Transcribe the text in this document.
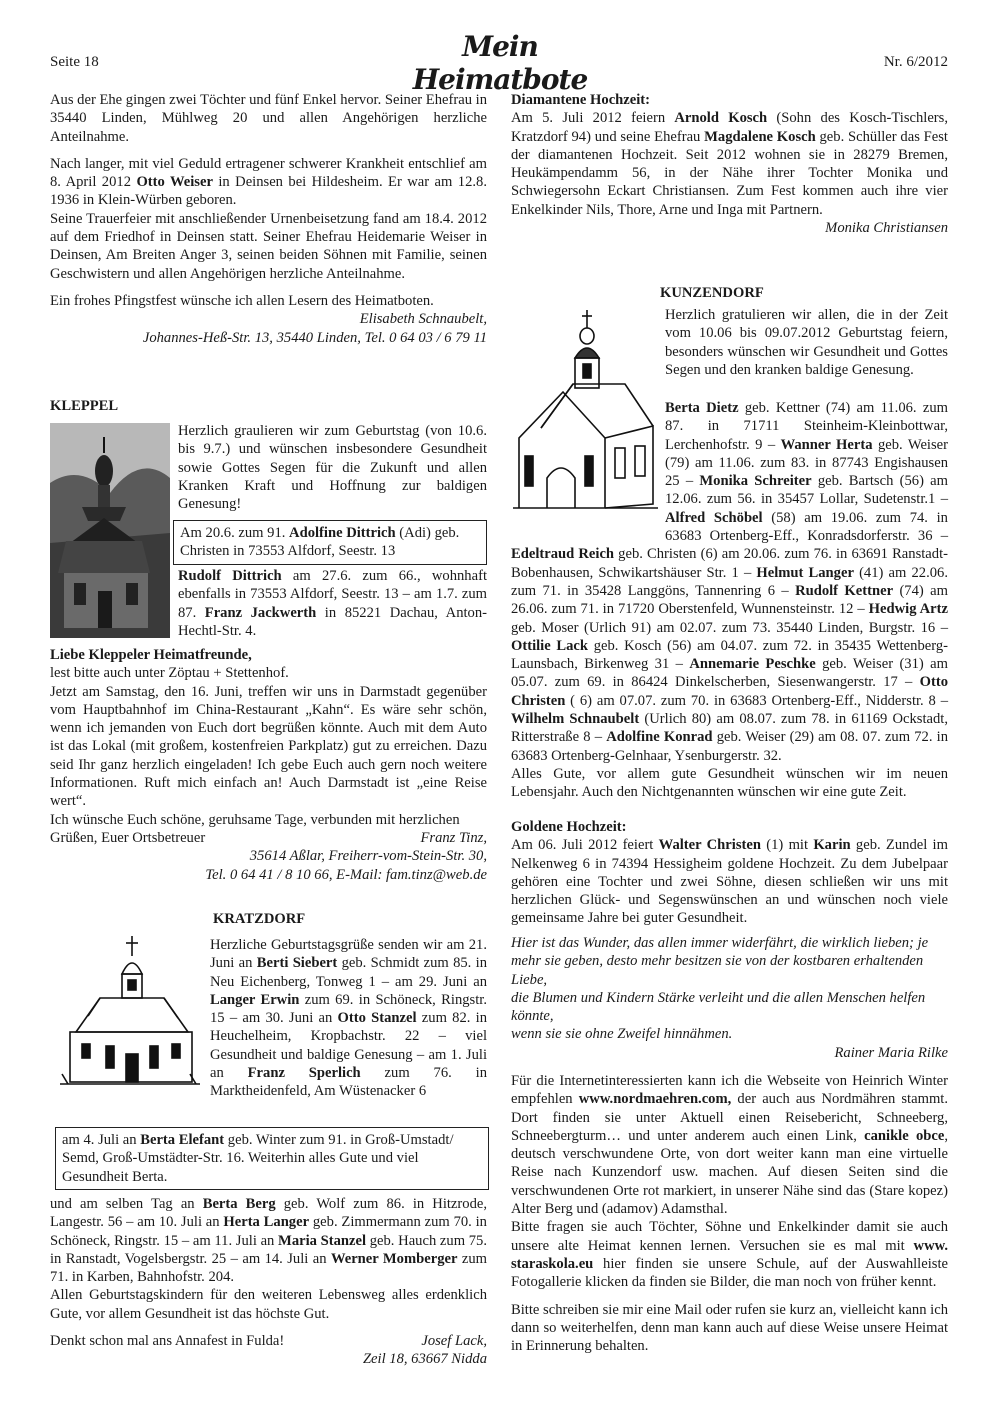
Seite 18	Mein Heimatbote
Nr. 6/2012

Aus der Ehe gingen zwei Töchter und fünf Enkel hervor. Seiner Ehefrau in 35440 Linden, Mühlweg 20 und allen Angehörigen herzliche Anteilnahme.

Nach langer, mit viel Geduld ertragener schwerer Krankheit entschlief am 8. April 2012 Otto Weiser in Deinsen bei Hildesheim. Er war am 12.8. 1936 in Klein-Würben geboren.

Seine Trauerfeier mit anschließender Urnenbeisetzung fand am 18.4. 2012 auf dem Friedhof in Deinsen statt. Seiner Ehefrau Heidemarie Weiser in Deinsen, Am Breiten Anger 3, seinen beiden Söhnen mit Familie, seinen Geschwistern und allen Angehörigen herzliche Anteilnahme.

Ein frohes Pfingstfest wünsche ich allen Lesern des Heimatboten.

Elisabeth Schnaubelt,

Johannes-Heß-Str. 13, 35440 Linden, Tel. 0 64 03 / 6 79 11

KLEPPEL

Herzlich graulieren wir zum Geburtstag (von 10.6. bis 9.7.) und wünschen insbesondere Gesundheit sowie Gottes Segen für die Zukunft und allen Kranken Kraft und Hoffnung zur baldigen Genesung!

Am 20.6. zum 91. Adolfine Dittrich (Adi) geb. Christen in 73553 Alfdorf, Seestr. 13

Rudolf Dittrich am 27.6. zum 66., wohnhaft ebenfalls in 73553 Alfdorf, Seestr. 13 – am 1.7. zum 87. Franz Jackwerth in 85221 Dachau, Anton-Hechtl-Str. 4.

Liebe Kleppeler Heimatfreunde,

lest bitte auch unter Zöptau + Stettenhof.

Jetzt am Samstag, den 16. Juni, treffen wir uns in Darmstadt gegenüber vom Hauptbahnhof im China-Restaurant „Kahn“. Es wäre sehr schön, wenn ich jemanden von Euch dort begrüßen könnte. Auch mit dem Auto ist das Lokal (mit großem, kostenfreien Parkplatz) gut zu erreichen. Dazu seid Ihr ganz herzlich eingeladen! Ich gebe Euch auch gern noch weitere Informationen. Ruft mich einfach an! Auch Darmstadt ist „eine Reise wert“.

Ich wünsche Euch schöne, geruhsame Tage, verbunden mit herzlichen Grüßen, Euer Ortsbetreuer	Franz Tinz,

35614 Aßlar, Freiherr-vom-Stein-Str. 30,

Tel. 0 64 41 / 8 10 66, E-Mail: fam.tinz@web.de

KRATZDORF

Herzliche Geburtstagsgrüße senden wir am 21. Juni an Berti Siebert geb. Schmidt zum 85. in Neu Eichenberg, Tonweg 1 – am 29. Juni an Langer Erwin zum 69. in Schöneck, Ringstr. 15 – am 30. Juni an Otto Stanzel zum 82. in Heuchelheim, Kropbachstr. 22 – viel Gesundheit und baldige Genesung – am 1. Juli an Franz Sperlich zum 76. in Marktheidenfeld, Am Wüstenacker 6

am 4. Juli an Berta Elefant geb. Winter zum 91. in Groß-Umstadt/ Semd, Groß-Umstädter-Str. 16. Weiterhin alles Gute und viel Gesundheit Berta.

und am selben Tag an Berta Berg geb. Wolf zum 86. in Hitzrode, Langestr. 56 – am 10. Juli an Herta Langer geb. Zimmermann zum 70. in Schöneck, Ringstr. 15 – am 11. Juli an Maria Stanzel geb. Hauch zum 75. in Ranstadt, Vogelsbergstr. 25 – am 14. Juli an Werner Momberger zum 71. in Karben, Bahnhofstr. 204.

Allen Geburtstagskindern für den weiteren Lebensweg alles erdenklich Gute, vor allem Gesundheit ist das höchste Gut.

Denkt schon mal ans Annafest in Fulda!	Josef Lack,

Zeil 18, 63667 Nidda

Diamantene Hochzeit:

Am 5. Juli 2012 feiern Arnold Kosch (Sohn des Kosch-Tischlers, Kratzdorf 94) und seine Ehefrau Magdalene Kosch geb. Schüller das Fest der diamantenen Hochzeit. Seit 2012 wohnen sie in 28279 Bremen, Heukämpendamm 56, in der Nähe ihrer Tochter Monika und Schwiegersohn Eckart Christiansen. Zum Fest kommen auch ihre vier Enkelkinder Nils, Thore, Arne und Inga mit Partnern.

Monika Christiansen

KUNZENDORF

Herzlich gratulieren wir allen, die in der Zeit vom 10.06 bis 09.07.2012 Geburtstag feiern, besonders wünschen wir Gesundheit und Gottes Segen und den kranken baldige Genesung.

Berta Dietz geb. Kettner (74) am 11.06. zum 87. in 71711 Steinheim-Kleinbottwar, Lerchenhofstr. 9 – Wanner Herta geb. Weiser (79) am 11.06. zum 83. in 87743 Engishausen 25 – Monika Schreiter geb. Bartsch (56) am 12.06. zum 56. in 35457 Lollar, Sudetenstr.1 – Alfred Schöbel (58) am 19.06. zum 74. in 63683 Ortenberg-Eff., Konradsdorferstr. 36 – Edeltraud Reich geb. Christen (6) am 20.06. zum 76. in 63691 Ranstadt-Bobenhausen, Schwikartshäuser Str. 1 – Helmut Langer (41) am 22.06. zum 71. in 35428 Langgöns, Tannenring 6 – Rudolf Kettner (74) am 26.06. zum 71. in 71720 Oberstenfeld, Wunnensteinstr. 12 – Hedwig Artz geb. Moser (Urlich 91) am 02.07. zum 73. 35440 Linden, Burgstr. 16 – Ottilie Lack geb. Kosch (56) am 04.07. zum 72. in 35435 Wettenberg-Launsbach, Birkenweg 31 – Annemarie Peschke geb. Weiser (31) am 05.07. zum 69. in 86424 Dinkelscherben, Siesenwangerstr. 17 – Otto Christen ( 6) am 07.07. zum 70. in 63683 Ortenberg-Eff., Nidderstr. 8 – Wilhelm Schnaubelt (Urlich 80) am 08.07. zum 78. in 61169 Ockstadt, Ritterstraße 8 – Adolfine Konrad geb. Weiser (29) am 08. 07. zum 72. in 63683 Ortenberg-Gelnhaar, Ysenburgerstr. 32.

Alles Gute, vor allem gute Gesundheit wünschen wir im neuen Lebensjahr. Auch den Nichtgenannten wünschen wir eine gute Zeit.

Goldene Hochzeit:

Am 06. Juli 2012 feiert Walter Christen (1) mit Karin geb. Zundel im Nelkenweg 6 in 74394 Hessigheim goldene Hochzeit. Zu dem Jubelpaar gehören eine Tochter und zwei Söhne, diesen schließen wir uns mit herzlichen Glück- und Segenswünschen an und wünschen noch viele gemeinsame Jahre bei guter Gesundheit.

Hier ist das Wunder, das allen immer widerfährt, die wirklich lieben; je mehr sie geben, desto mehr besitzen sie von der kostbaren erhaltenden Liebe,

die Blumen und Kindern Stärke verleiht und die allen Menschen helfen könnte,

wenn sie sie ohne Zweifel hinnähmen.

Rainer Maria Rilke

Für die Internetinteressierten kann ich die Webseite von Heinrich Winter empfehlen www.nordmaehren.com, der auch aus Nordmähren stammt. Dort finden sie unter Aktuell einen Reisebericht, Schneeberg, Schneebergturm… und unter anderem auch einen Link, canikle obce, deutsch verschwundene Orte, von dort weiter kann man eine virtuelle Reise nach Kunzendorf usw. machen. Auf diesen Seiten sind die verschwundenen Orte rot markiert, in unserer Nähe sind das (Stare kopez) Alter Berg und (adamov) Adamsthal.

Bitte fragen sie auch Töchter, Söhne und Enkelkinder damit sie auch unsere alte Heimat kennen lernen. Versuchen sie es mal mit www. staraskola.eu hier finden sie unsere Schule, auf der Auswahlleiste Fotogallerie klicken da finden sie Bilder, die man noch von früher kennt.

Bitte schreiben sie mir eine Mail oder rufen sie kurz an, vielleicht kann ich dann so weiterhelfen, denn man kann auch auf diese Weise unsere Heimat in Erinnerung behalten.
